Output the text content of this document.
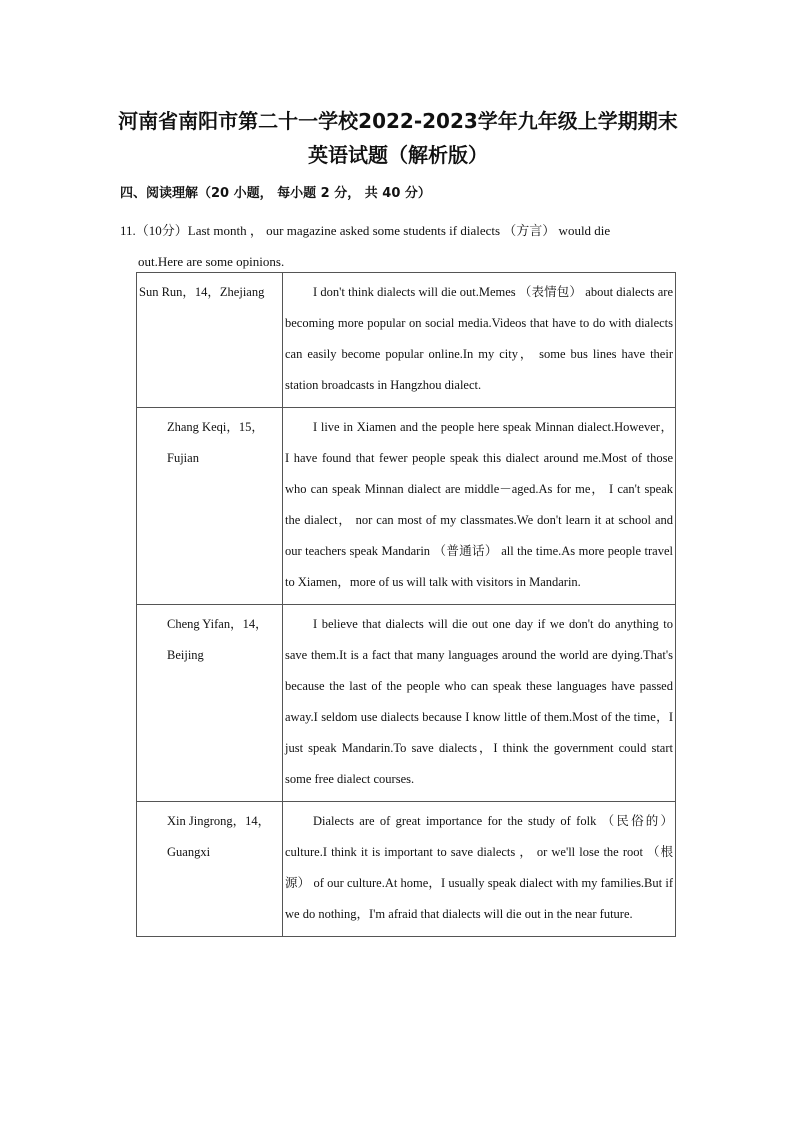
河南省南阳市第二十一学校2022-2023学年九年级上学期期末英语试题（解析版）
四、阅读理解（20 小题， 每小题 2 分， 共 40 分）
11.（10分）Last month ， our magazine asked some students if dialects （方言） would die
out.Here are some opinions.
Sun Run，14，Zhejiang	I don't think dialects will die out.Memes （表情包） about dialects are becoming more popular on social media.Videos that have to do with dialects can easily become popular online.In my city， some bus lines have their station broadcasts in Hangzhou dialect.

Zhang Keqi，15，Fujian	I live in Xiamen and the people here speak Minnan dialect.However， I have found that fewer people speak this dialect around me.Most of those who can speak Minnan dialect are middle－aged.As for me， I can't speak the dialect， nor can most of my classmates.We don't learn it at school and our teachers speak Mandarin （普通话） all the time.As more people travel to Xiamen，more of us will talk with visitors in Mandarin.

Cheng Yifan，14，Beijing	I believe that dialects will die out one day if we don't do anything to save them.It is a fact that many languages around the world are dying.That's because the last of the people who can speak these languages have passed away.I seldom use dialects because I know little of them.Most of the time，I just speak Mandarin.To save dialects，I think the government could start some free dialect courses.

Xin Jingrong，14，Guangxi	Dialects are of great importance for the study of folk （民俗的） culture.I think it is important to save dialects ， or we'll lose the root （根源） of our culture.At home，I usually speak dialect with my families.But if we do nothing，I'm afraid that dialects will die out in the near future.
